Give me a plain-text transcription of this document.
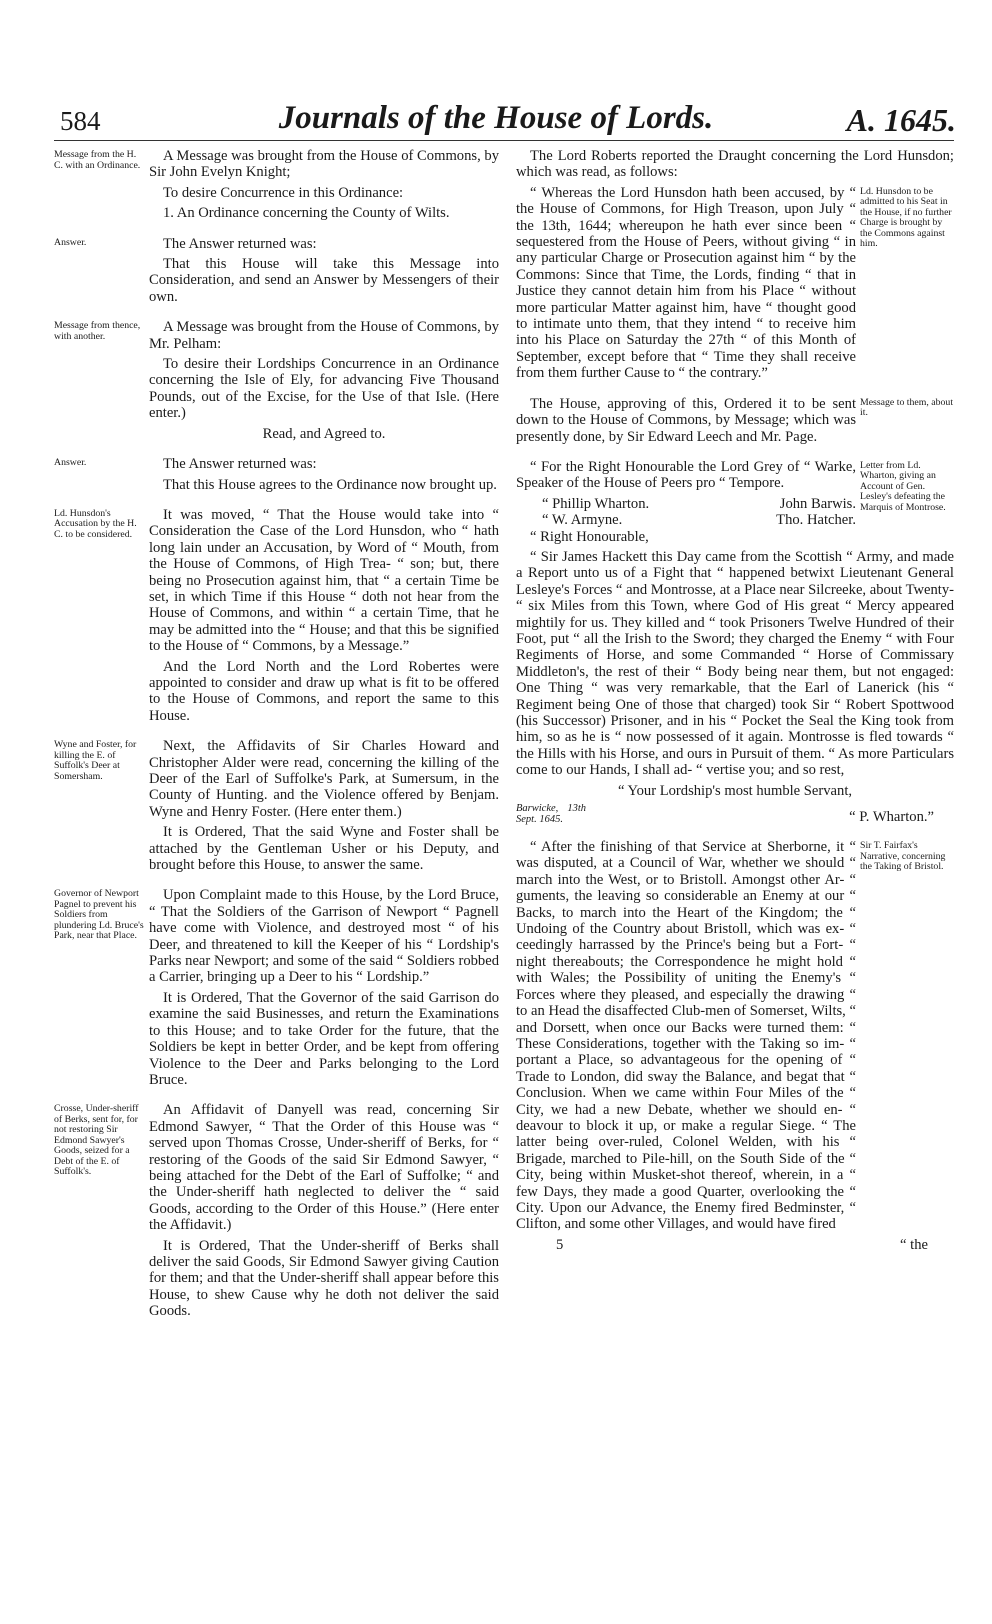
584	Journals of the House of Lords.	A. 1645.
Message from the H. C. with an Ordinance.
A Message was brought from the House of Commons, by Sir John Evelyn Knight;
To desire Concurrence in this Ordinance:
1. An Ordinance concerning the County of Wilts.
Answer.	The Answer returned was:
That this House will take this Message into Consideration, and send an Answer by Messengers of their own.
Message from thence, with another.
A Message was brought from the House of Commons, by Mr. Pelham:
To desire their Lordships Concurrence in an Ordinance concerning the Isle of Ely, for advancing Five Thousand Pounds, out of the Excise, for the Use of that Isle. (Here enter.)
Read, and Agreed to.
Answer.	The Answer returned was:
That this House agrees to the Ordinance now brought up.
Ld. Hunsdon's Accusation by the H. C. to be considered.
It was moved, “ That the House would take into “ Consideration the Case of the Lord Hunsdon, who “ hath long lain under an Accusation, by Word of “ Mouth, from the House of Commons, of High Trea- “ son; but, there being no Prosecution against him, that “ a certain Time be set, in which Time if this House “ doth not hear from the House of Commons, and within “ a certain Time, that he may be admitted into the “ House; and that this be signified to the House of “ Commons, by a Message.”
And the Lord North and the Lord Robertes were appointed to consider and draw up what is fit to be offered to the House of Commons, and report the same to this House.
Wyne and Foster, for killing the E. of Suffolk's Deer at Somersham.
Next, the Affidavits of Sir Charles Howard and Christopher Alder were read, concerning the killing of the Deer of the Earl of Suffolke's Park, at Sumersum, in the County of Hunting. and the Violence offered by Benjam. Wyne and Henry Foster. (Here enter them.)
It is Ordered, That the said Wyne and Foster shall be attached by the Gentleman Usher or his Deputy, and brought before this House, to answer the same.
Governor of Newport Pagnel to prevent his Soldiers from plundering Ld. Bruce's Park, near that Place.
Upon Complaint made to this House, by the Lord Bruce, “ That the Soldiers of the Garrison of Newport “ Pagnell have come with Violence, and destroyed most “ of his Deer, and threatened to kill the Keeper of his “ Lordship's Parks near Newport; and some of the said “ Soldiers robbed a Carrier, bringing up a Deer to his “ Lordship.”
It is Ordered, That the Governor of the said Garrison do examine the said Businesses, and return the Examinations to this House; and to take Order for the future, that the Soldiers be kept in better Order, and be kept from offering Violence to the Deer and Parks belonging to the Lord Bruce.
Crosse, Under-sheriff of Berks, sent for, for not restoring Sir Edmond Sawyer's Goods, seized for a Debt of the E. of Suffolk's.
An Affidavit of Danyell was read, concerning Sir Edmond Sawyer, “ That the Order of this House was “ served upon Thomas Crosse, Under-sheriff of Berks, for “ restoring of the Goods of the said Sir Edmond Sawyer, “ being attached for the Debt of the Earl of Suffolke; “ and the Under-sheriff hath neglected to deliver the “ said Goods, according to the Order of this House.” (Here enter the Affidavit.)
It is Ordered, That the Under-sheriff of Berks shall deliver the said Goods, Sir Edmond Sawyer giving Caution for them; and that the Under-sheriff shall appear before this House, to shew Cause why he doth not deliver the said Goods.
The Lord Roberts reported the Draught concerning the Lord Hunsdon; which was read, as follows:
Ld. Hunsdon to be admitted to his Seat in the House, if no further Charge is brought by the Commons against him.
“ Whereas the Lord Hunsdon hath been accused, by “ the House of Commons, for High Treason, upon July “ the 13th, 1644; whereupon he hath ever since been “ sequestered from the House of Peers, without giving “ in any particular Charge or Prosecution against him “ by the Commons: Since that Time, the Lords, finding “ that in Justice they cannot detain him from his Place “ without more particular Matter against him, have “ thought good to intimate unto them, that they intend “ to receive him into his Place on Saturday the 27th “ of this Month of September, except before that “ Time they shall receive from them further Cause to “ the contrary.”
Message to them, about it.
The House, approving of this, Ordered it to be sent down to the House of Commons, by Message; which was presently done, by Sir Edward Leech and Mr. Page.
Letter from Ld. Wharton, giving an Account of Gen. Lesley's defeating the Marquis of Montrose.
“ For the Right Honourable the Lord Grey of “ Warke, Speaker of the House of Peers pro “ Tempore.
“ Phillip Wharton.	John Barwis.
“ W. Armyne.	Tho. Hatcher.
“ Right Honourable,
“ Sir James Hackett this Day came from the Scottish “ Army, and made a Report unto us of a Fight that “ happened betwixt Lieutenant General Lesleye's Forces “ and Montrosse, at a Place near Silcreeke, about Twenty- “ six Miles from this Town, where God of His great “ Mercy appeared mightily for us. They killed and “ took Prisoners Twelve Hundred of their Foot, put “ all the Irish to the Sword; they charged the Enemy “ with Four Regiments of Horse, and some Commanded “ Horse of Commissary Middleton's, the rest of their “ Body being near them, but not engaged: One Thing “ was very remarkable, that the Earl of Lanerick (his “ Regiment being One of those that charged) took Sir “ Robert Spottwood (his Successor) Prisoner, and in his “ Pocket the Seal the King took from him, so as he is “ now possessed of it again. Montrosse is fled towards “ the Hills with his Horse, and ours in Pursuit of them. “ As more Particulars come to our Hands, I shall ad- “ vertise you; and so rest,
“ Your Lordship's most humble Servant,
Barwicke, 13th Sept. 1645.	“ P. Wharton.”
Sir T. Fairfax's Narrative, concerning the Taking of Bristol.
“ After the finishing of that Service at Sherborne, it “ was disputed, at a Council of War, whether we should “ march into the West, or to Bristoll. Amongst other Ar- “ guments, the leaving so considerable an Enemy at our “ Backs, to march into the Heart of the Kingdom; the “ Undoing of the Country about Bristoll, which was ex- “ ceedingly harrassed by the Prince's being but a Fort- “ night thereabouts; the Correspondence he might hold “ with Wales; the Possibility of uniting the Enemy's “ Forces where they pleased, and especially the drawing “ to an Head the disaffected Club-men of Somerset, Wilts, “ and Dorsett, when once our Backs were turned them: “ These Considerations, together with the Taking so im- “ portant a Place, so advantageous for the opening of “ Trade to London, did sway the Balance, and begat that “ Conclusion. When we came within Four Miles of the “ City, we had a new Debate, whether we should en- “ deavour to block it up, or make a regular Siege. “ The latter being over-ruled, Colonel Welden, with his “ Brigade, marched to Pile-hill, on the South Side of the “ City, being within Musket-shot thereof, wherein, in a “ few Days, they made a good Quarter, overlooking the “ City. Upon our Advance, the Enemy fired Bedminster, “ Clifton, and some other Villages, and would have fired
5	“ the
